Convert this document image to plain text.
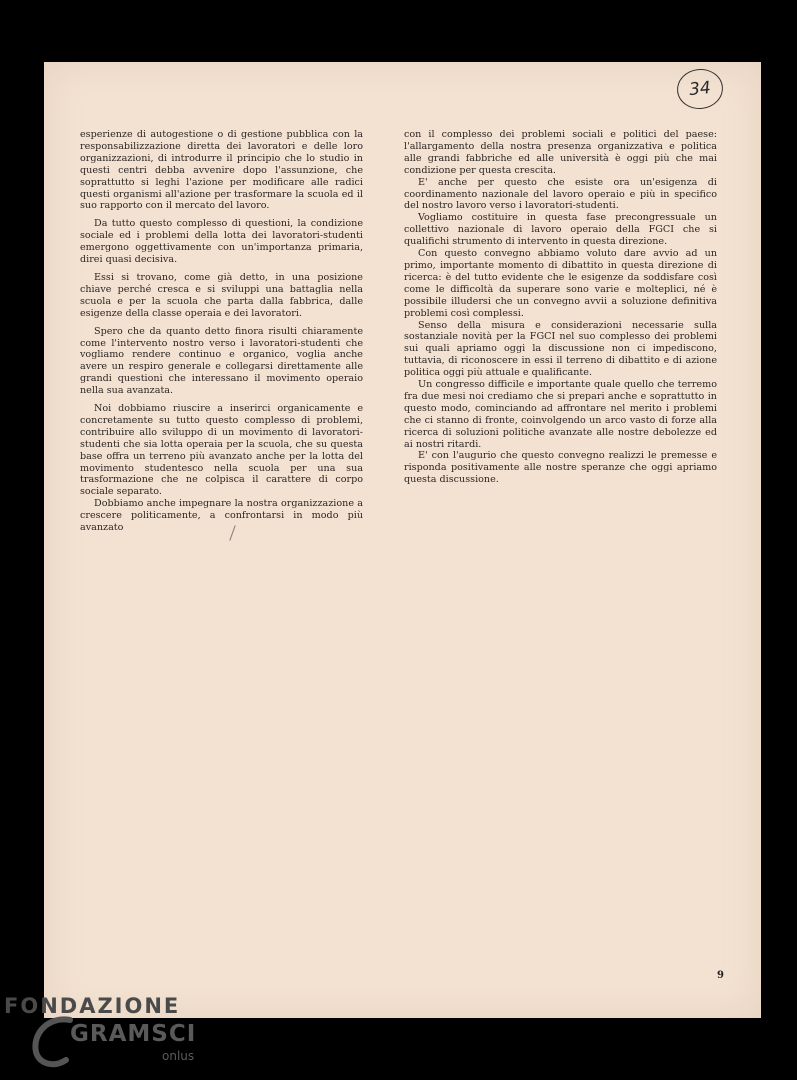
34

esperienze di autogestione o di gestione pubblica con la responsabilizzazione diretta dei lavoratori e delle loro organizzazioni, di introdurre il principio che lo studio in questi centri debba avvenire dopo l'assunzione, che soprattutto si leghi l'azione per modificare alle radici questi organismi all'azione per trasformare la scuola ed il suo rapporto con il mercato del lavoro.

Da tutto questo complesso di questioni, la condizione sociale ed i problemi della lotta dei lavoratori-studenti emergono oggettivamente con un'importanza primaria, direi quasi decisiva.

Essi si trovano, come già detto, in una posizione chiave perché cresca e si sviluppi una battaglia nella scuola e per la scuola che parta dalla fabbrica, dalle esigenze della classe operaia e dei lavoratori.

Spero che da quanto detto finora risulti chiaramente come l'intervento nostro verso i lavoratori-studenti che vogliamo rendere continuo e organico, voglia anche avere un respiro generale e collegarsi direttamente alle grandi questioni che interessano il movimento operaio nella sua avanzata.

Noi dobbiamo riuscire a inserirci organicamente e concretamente su tutto questo complesso di problemi, contribuire allo sviluppo di un movimento di lavoratori-studenti che sia lotta operaia per la scuola, che su questa base offra un terreno più avanzato anche per la lotta del movimento studentesco nella scuola per una sua trasformazione che ne colpisca il carattere di corpo sociale separato.

Dobbiamo anche impegnare la nostra organizzazione a crescere politicamente, a confrontarsi in modo più avanzato

con il complesso dei problemi sociali e politici del paese: l'allargamento della nostra presenza organizzativa e politica alle grandi fabbriche ed alle università è oggi più che mai condizione per questa crescita.

E' anche per questo che esiste ora un'esigenza di coordinamento nazionale del lavoro operaio e più in specifico del nostro lavoro verso i lavoratori-studenti.

Vogliamo costituire in questa fase precongressuale un collettivo nazionale di lavoro operaio della FGCI che si qualifichi strumento di intervento in questa direzione.

Con questo convegno abbiamo voluto dare avvio ad un primo, importante momento di dibattito in questa direzione di ricerca: è del tutto evidente che le esigenze da soddisfare così come le difficoltà da superare sono varie e molteplici, né è possibile illudersi che un convegno avvii a soluzione definitiva problemi così complessi.

Senso della misura e considerazioni necessarie sulla sostanziale novità per la FGCI nel suo complesso dei problemi sui quali apriamo oggi la discussione non ci impediscono, tuttavia, di riconoscere in essi il terreno di dibattito e di azione politica oggi più attuale e qualificante.

Un congresso difficile e importante quale quello che terremo fra due mesi noi crediamo che si prepari anche e soprattutto in questo modo, cominciando ad affrontare nel merito i problemi che ci stanno di fronte, coinvolgendo un arco vasto di forze alla ricerca di soluzioni politiche avanzate alle nostre debolezze ed ai nostri ritardi.

E' con l'augurio che questo convegno realizzi le premesse e risponda positivamente alle nostre speranze che oggi apriamo questa discussione.

9
FONDAZIONE
GRAMSCI
onlus
